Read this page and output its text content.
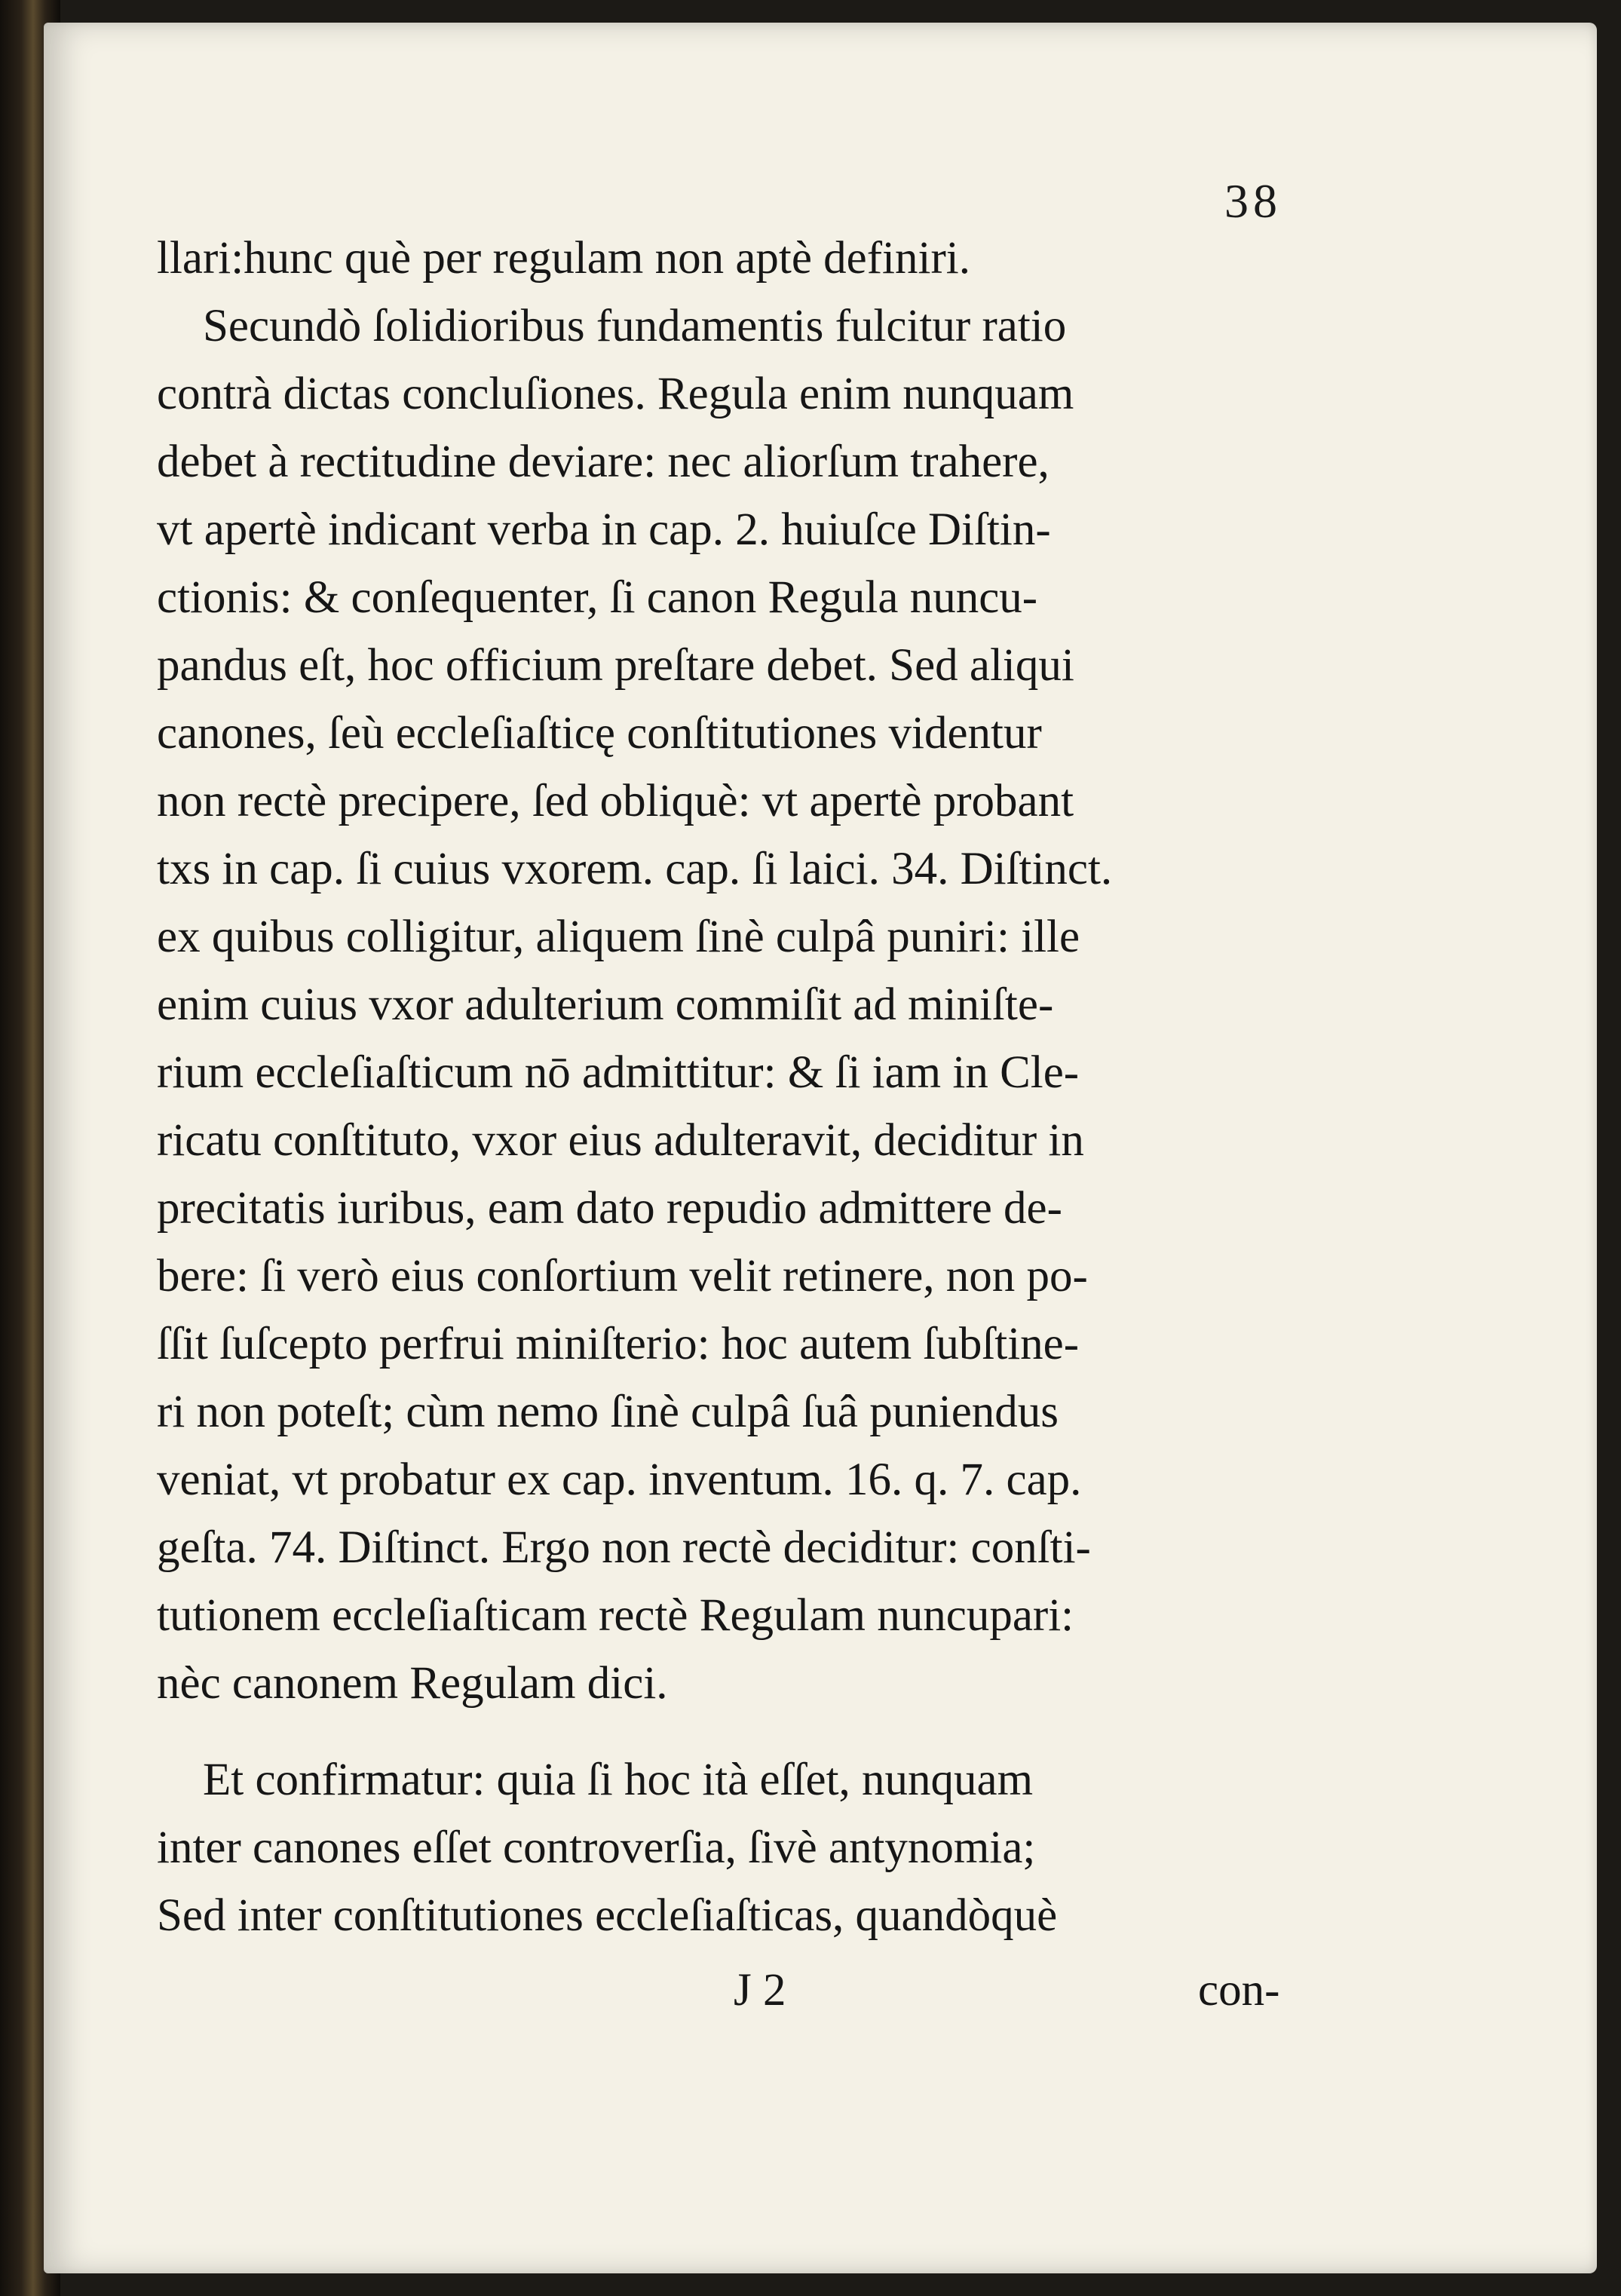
38
llari:hunc què per regulam non aptè definiri.
Secundò ſolidioribus fundamentis fulcitur ratio
contrà dictas concluſiones. Regula enim nunquam
debet à rectitudine deviare: nec aliorſum trahere,
vt apertè indicant verba in cap. 2. huiuſce Diſtin-
ctionis: & conſequenter, ſi canon Regula nuncu-
pandus eſt, hoc officium preſtare debet. Sed aliqui
canones, ſeù eccleſiaſticę conſtitutiones videntur
non rectè precipere, ſed obliquè: vt apertè probant
txs in cap. ſi cuius vxorem. cap. ſi laici. 34. Diſtinct.
ex quibus colligitur, aliquem ſinè culpâ puniri: ille
enim cuius vxor adulterium commiſit ad miniſte-
rium eccleſiaſticum nō admittitur: & ſi iam in Cle-
ricatu conſtituto, vxor eius adulteravit, deciditur in
precitatis iuribus, eam dato repudio admittere de-
bere: ſi verò eius conſortium velit retinere, non po-
ſſit ſuſcepto perfrui miniſterio: hoc autem ſubſtine-
ri non poteſt; cùm nemo ſinè culpâ ſuâ puniendus
veniat, vt probatur ex cap. inventum. 16. q. 7. cap.
geſta. 74. Diſtinct. Ergo non rectè deciditur: conſti-
tutionem eccleſiaſticam rectè Regulam nuncupari:
nèc canonem Regulam dici.
Et confirmatur: quia ſi hoc ità eſſet, nunquam
inter canones eſſet controverſia, ſivè antynomia;
Sed inter conſtitutiones eccleſiaſticas, quandòquè
J 2	con-
